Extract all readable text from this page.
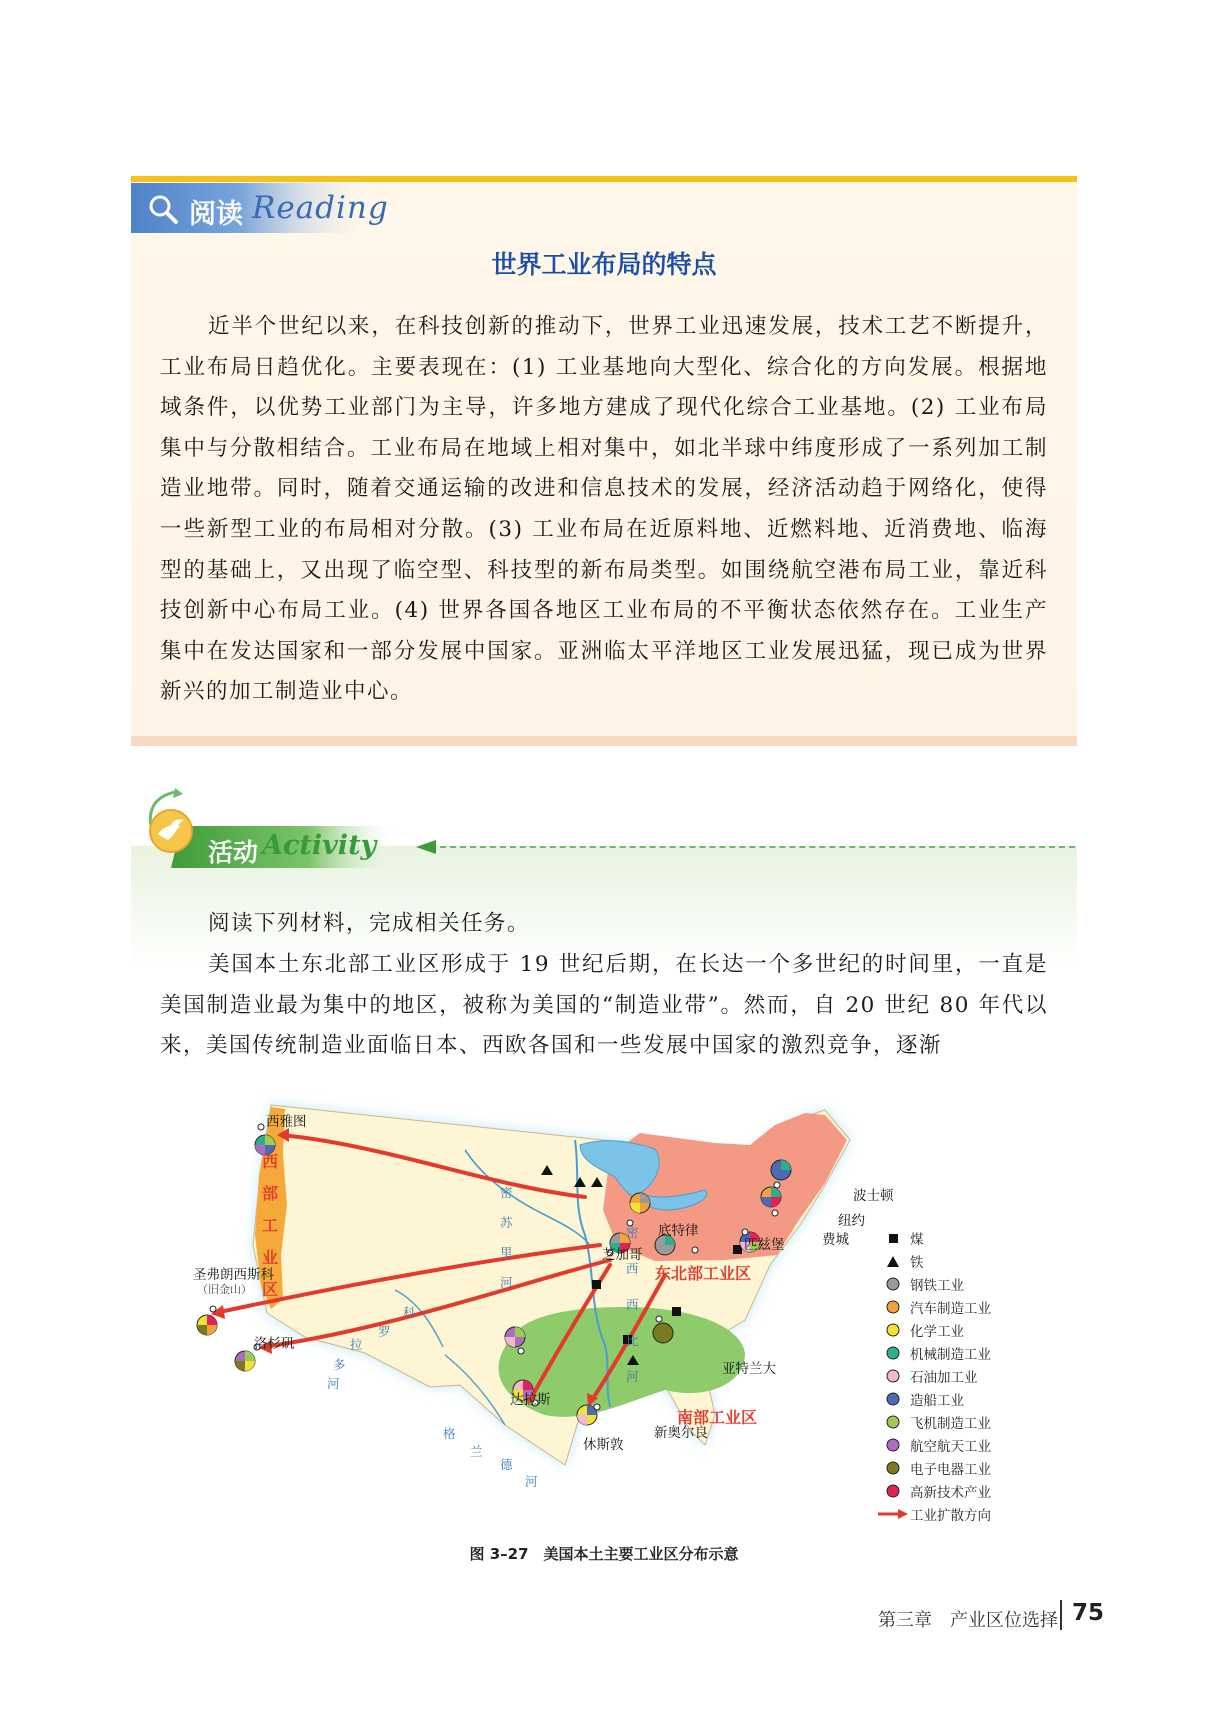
阅读 Reading
世界工业布局的特点
近半个世纪以来，在科技创新的推动下，世界工业迅速发展，技术工艺不断提升，工业布局日趋优化。主要表现在：(1) 工业基地向大型化、综合化的方向发展。根据地域条件，以优势工业部门为主导，许多地方建成了现代化综合工业基地。(2) 工业布局集中与分散相结合。工业布局在地域上相对集中，如北半球中纬度形成了一系列加工制造业地带。同时，随着交通运输的改进和信息技术的发展，经济活动趋于网络化，使得一些新型工业的布局相对分散。(3) 工业布局在近原料地、近燃料地、近消费地、临海型的基础上，又出现了临空型、科技型的新布局类型。如围绕航空港布局工业，靠近科技创新中心布局工业。(4) 世界各国各地区工业布局的不平衡状态依然存在。工业生产集中在发达国家和一部分发展中国家。亚洲临太平洋地区工业发展迅猛，现已成为世界新兴的加工制造业中心。
活动 Activity
阅读下列材料，完成相关任务。
美国本土东北部工业区形成于 19 世纪后期，在长达一个多世纪的时间里，一直是美国制造业最为集中的地区，被称为美国的“制造业带”。然而，自 20 世纪 80 年代以来，美国传统制造业面临日本、西欧各国和一些发展中国家的激烈竞争，逐渐
西雅图
圣弗朗西斯科
（旧金山）
洛杉矶
底特律
芝加哥
匹兹堡
波士顿
纽约
费城
亚特兰大
达拉斯
休斯敦
新奥尔良
西
部
工
业
区
东北部工业区
南部工业区
密
苏
里
河
密
西
西
比
河
科
罗
拉
多
河
格
兰
德
河
煤
铁
钢铁工业
汽车制造工业
化学工业
机械制造工业
石油加工业
造船工业
飞机制造工业
航空航天工业
电子电器工业
高新技术产业
工业扩散方向
图 3–27　美国本土主要工业区分布示意
第三章　产业区位选择 75
